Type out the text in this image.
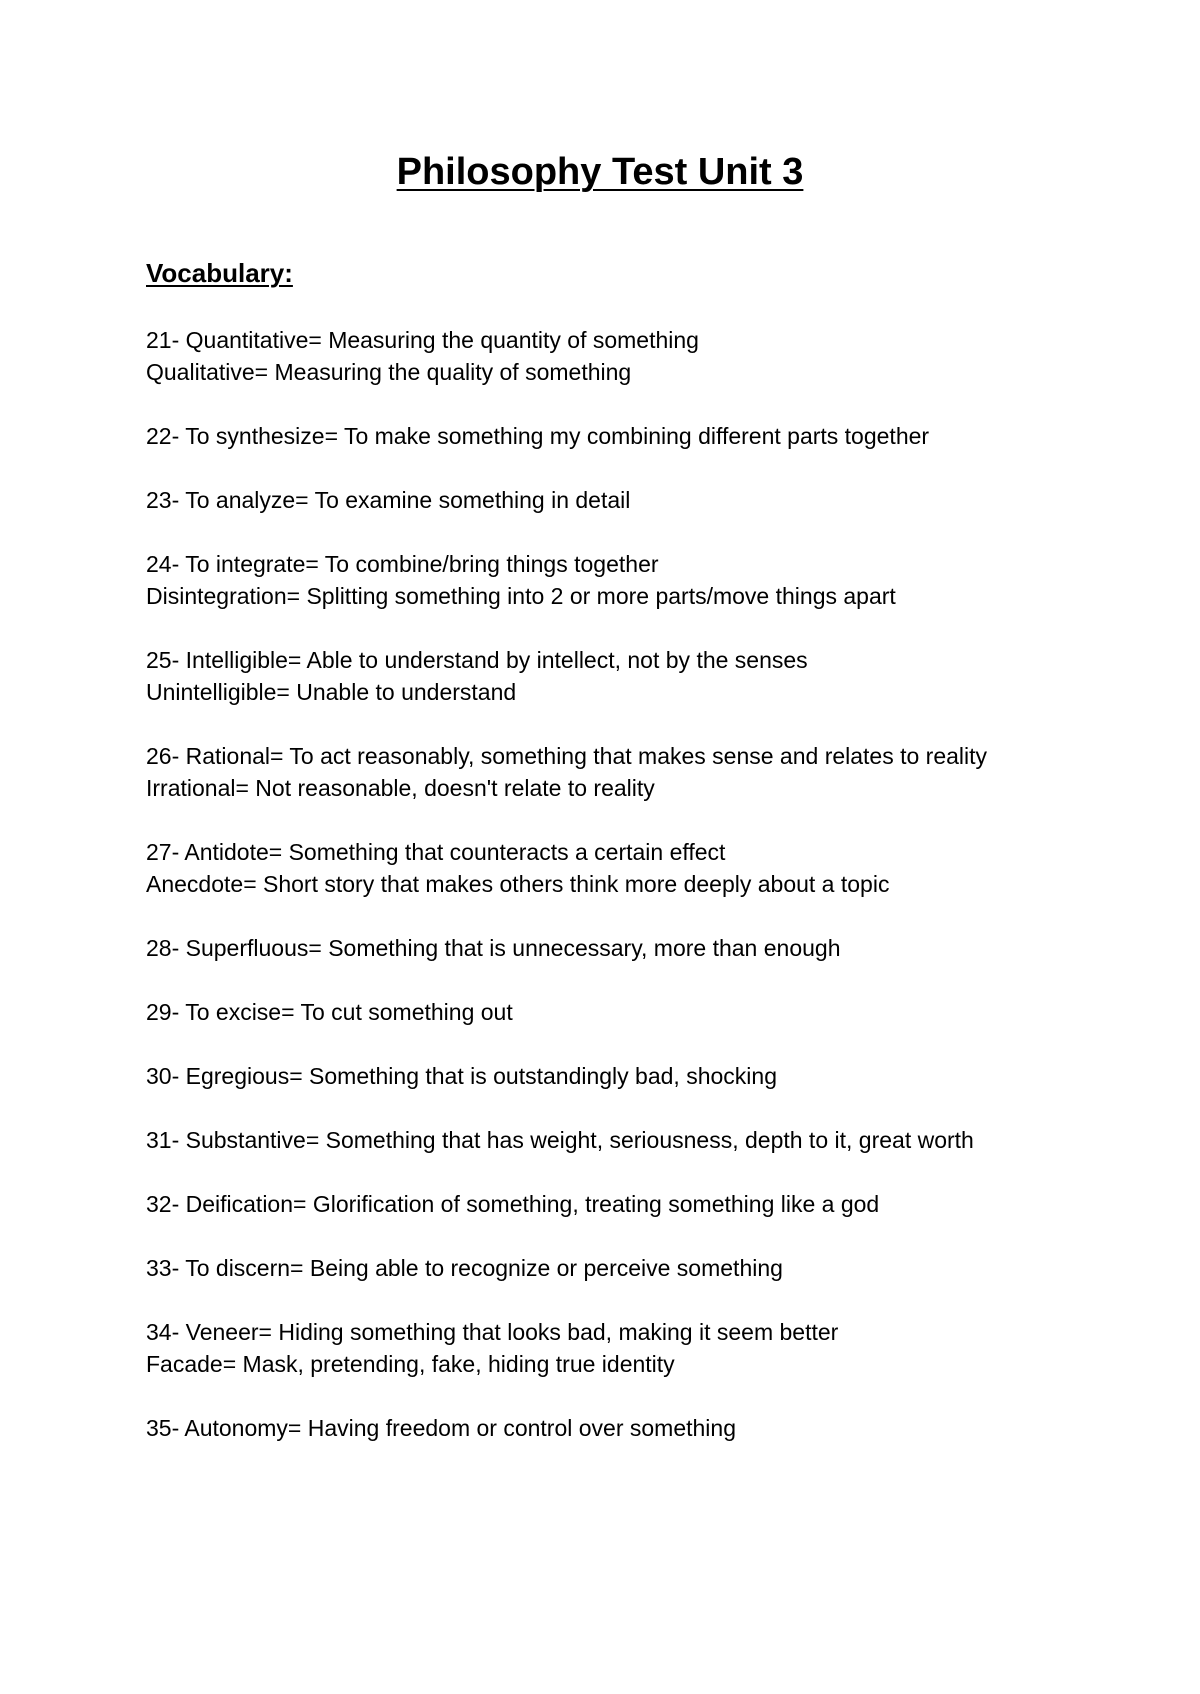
Philosophy Test Unit 3
Vocabulary:
21- Quantitative= Measuring the quantity of something
Qualitative= Measuring the quality of something
22- To synthesize= To make something my combining different parts together
23- To analyze= To examine something in detail
24- To integrate= To combine/bring things together
Disintegration= Splitting something into 2 or more parts/move things apart
25- Intelligible= Able to understand by intellect, not by the senses
Unintelligible= Unable to understand
26- Rational= To act reasonably, something that makes sense and relates to reality
Irrational= Not reasonable, doesn't relate to reality
27- Antidote= Something that counteracts a certain effect
Anecdote= Short story that makes others think more deeply about a topic
28- Superfluous= Something that is unnecessary, more than enough
29- To excise= To cut something out
30- Egregious= Something that is outstandingly bad, shocking
31- Substantive= Something that has weight, seriousness, depth to it, great worth
32- Deification= Glorification of something, treating something like a god
33- To discern= Being able to recognize or perceive something
34- Veneer= Hiding something that looks bad, making it seem better
Facade= Mask, pretending, fake, hiding true identity
35- Autonomy= Having freedom or control over something
